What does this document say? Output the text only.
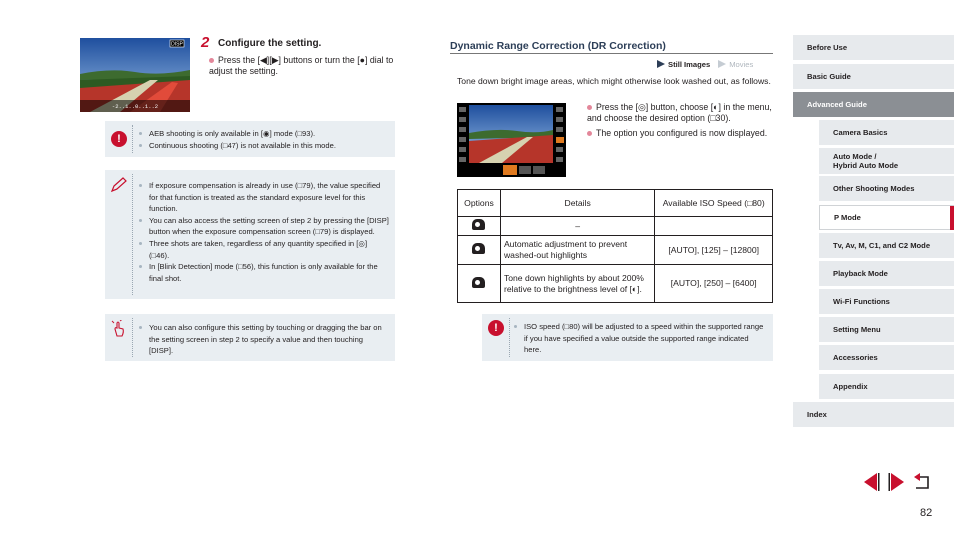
DISP
-2..1..0..1..2
2 Configure the setting.
Press the [◀][▶] buttons or turn the [●] dial to adjust the setting.
!	AEB shooting is only available in [◉] mode (□93).
Continuous shooting (□47) is not available in this mode.
If exposure compensation is already in use (□79), the value specified for that function is treated as the standard exposure level for this function.
You can also access the setting screen of step 2 by pressing the [DISP] button when the exposure compensation screen (□79) is displayed.
Three shots are taken, regardless of any quantity specified in [◎] (□46).
In [Blink Detection] mode (□56), this function is only available for the final shot.
You can also configure this setting by touching or dragging the bar on the setting screen in step 2 to specify a value and then touching [DISP].
Dynamic Range Correction (DR Correction)
Still Images	Movies
Tone down bright image areas, which might otherwise look washed out, as follows.
Press the [◎] button, choose [◐] in the menu, and choose the desired option (□30).
The option you configured is now displayed.
Options	Details	Available ISO Speed (□80)
	–	
	Automatic adjustment to prevent washed-out highlights	[AUTO], [125] – [12800]
	Tone down highlights by about 200% relative to the brightness level of [◐].	[AUTO], [250] – [6400]
!	ISO speed (□80) will be adjusted to a speed within the supported range if you have specified a value outside the supported range indicated here.
Before Use
Basic Guide
Advanced Guide
Camera Basics
Auto Mode /
Hybrid Auto Mode
Other Shooting Modes
P Mode
Tv, Av, M, C1, and C2 Mode
Playback Mode
Wi-Fi Functions
Setting Menu
Accessories
Appendix
Index
82
